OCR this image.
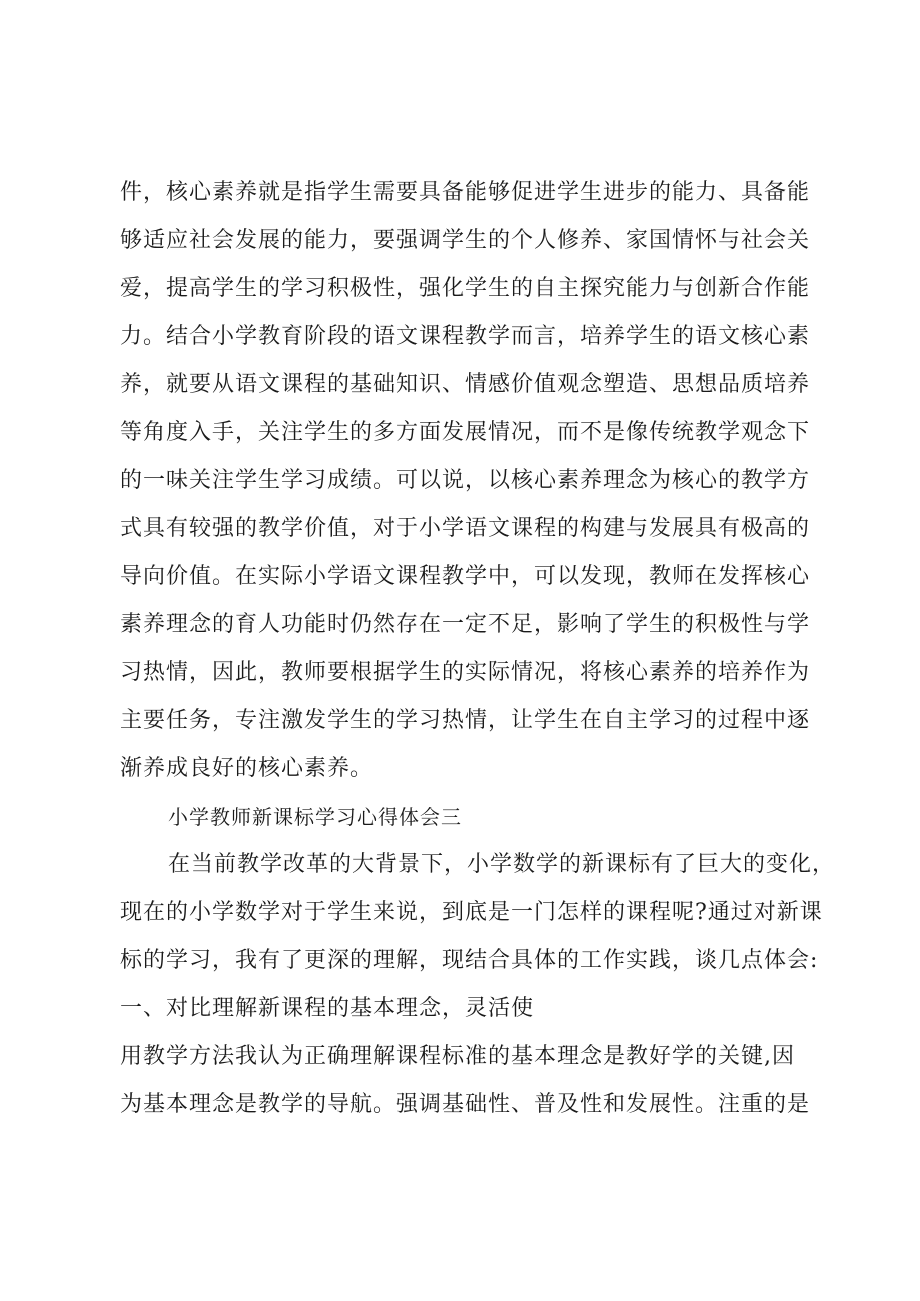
件，核心素养就是指学生需要具备能够促进学生进步的能力、具备能
够适应社会发展的能力，要强调学生的个人修养、家国情怀与社会关
爱，提高学生的学习积极性，强化学生的自主探究能力与创新合作能
力。结合小学教育阶段的语文课程教学而言，培养学生的语文核心素
养，就要从语文课程的基础知识、情感价值观念塑造、思想品质培养
等角度入手，关注学生的多方面发展情况，而不是像传统教学观念下
的一味关注学生学习成绩。可以说，以核心素养理念为核心的教学方
式具有较强的教学价值，对于小学语文课程的构建与发展具有极高的
导向价值。在实际小学语文课程教学中，可以发现，教师在发挥核心
素养理念的育人功能时仍然存在一定不足，影响了学生的积极性与学
习热情，因此，教师要根据学生的实际情况，将核心素养的培养作为
主要任务，专注激发学生的学习热情，让学生在自主学习的过程中逐
渐养成良好的核心素养。
小学教师新课标学习心得体会三
在当前教学改革的大背景下，小学数学的新课标有了巨大的变化，
现在的小学数学对于学生来说，到底是一门怎样的课程呢?通过对新课
标的学习，我有了更深的理解，现结合具体的工作实践，谈几点体会:
一、对比理解新课程的基本理念，灵活使
用教学方法我认为正确理解课程标准的基本理念是教好学的关键,因
为基本理念是教学的导航。强调基础性、普及性和发展性。注重的是
